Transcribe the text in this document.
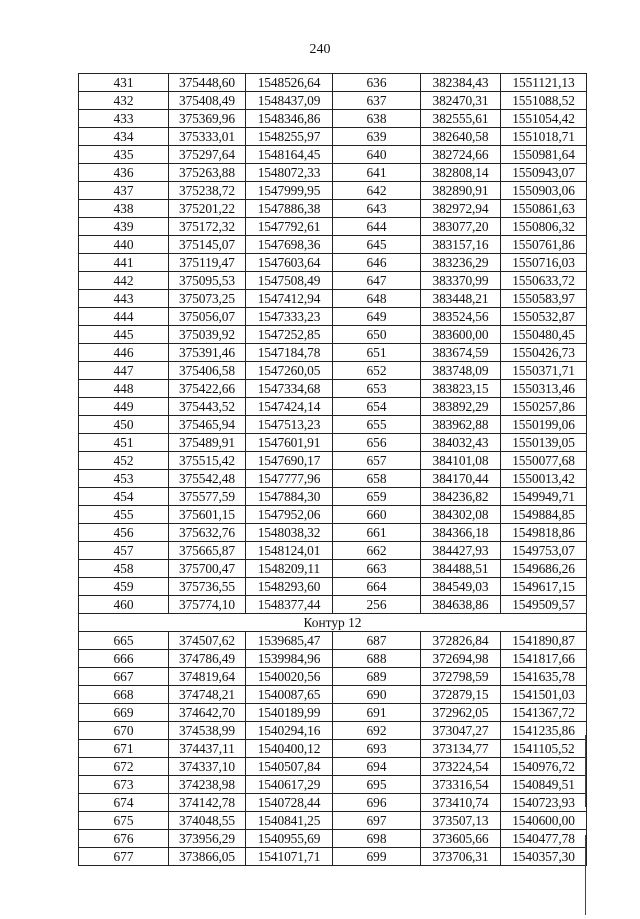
240
431	375448,60	1548526,64	636	382384,43	1551121,13
432	375408,49	1548437,09	637	382470,31	1551088,52
433	375369,96	1548346,86	638	382555,61	1551054,42
434	375333,01	1548255,97	639	382640,58	1551018,71
435	375297,64	1548164,45	640	382724,66	1550981,64
436	375263,88	1548072,33	641	382808,14	1550943,07
437	375238,72	1547999,95	642	382890,91	1550903,06
438	375201,22	1547886,38	643	382972,94	1550861,63
439	375172,32	1547792,61	644	383077,20	1550806,32
440	375145,07	1547698,36	645	383157,16	1550761,86
441	375119,47	1547603,64	646	383236,29	1550716,03
442	375095,53	1547508,49	647	383370,99	1550633,72
443	375073,25	1547412,94	648	383448,21	1550583,97
444	375056,07	1547333,23	649	383524,56	1550532,87
445	375039,92	1547252,85	650	383600,00	1550480,45
446	375391,46	1547184,78	651	383674,59	1550426,73
447	375406,58	1547260,05	652	383748,09	1550371,71
448	375422,66	1547334,68	653	383823,15	1550313,46
449	375443,52	1547424,14	654	383892,29	1550257,86
450	375465,94	1547513,23	655	383962,88	1550199,06
451	375489,91	1547601,91	656	384032,43	1550139,05
452	375515,42	1547690,17	657	384101,08	1550077,68
453	375542,48	1547777,96	658	384170,44	1550013,42
454	375577,59	1547884,30	659	384236,82	1549949,71
455	375601,15	1547952,06	660	384302,08	1549884,85
456	375632,76	1548038,32	661	384366,18	1549818,86
457	375665,87	1548124,01	662	384427,93	1549753,07
458	375700,47	1548209,11	663	384488,51	1549686,26
459	375736,55	1548293,60	664	384549,03	1549617,15
460	375774,10	1548377,44	256	384638,86	1549509,57
Контур 12					
665	374507,62	1539685,47	687	372826,84	1541890,87
666	374786,49	1539984,96	688	372694,98	1541817,66
667	374819,64	1540020,56	689	372798,59	1541635,78
668	374748,21	1540087,65	690	372879,15	1541501,03
669	374642,70	1540189,99	691	372962,05	1541367,72
670	374538,99	1540294,16	692	373047,27	1541235,86
671	374437,11	1540400,12	693	373134,77	1541105,52
672	374337,10	1540507,84	694	373224,54	1540976,72
673	374238,98	1540617,29	695	373316,54	1540849,51
674	374142,78	1540728,44	696	373410,74	1540723,93
675	374048,55	1540841,25	697	373507,13	1540600,00
676	373956,29	1540955,69	698	373605,66	1540477,78
677	373866,05	1541071,71	699	373706,31	1540357,30
